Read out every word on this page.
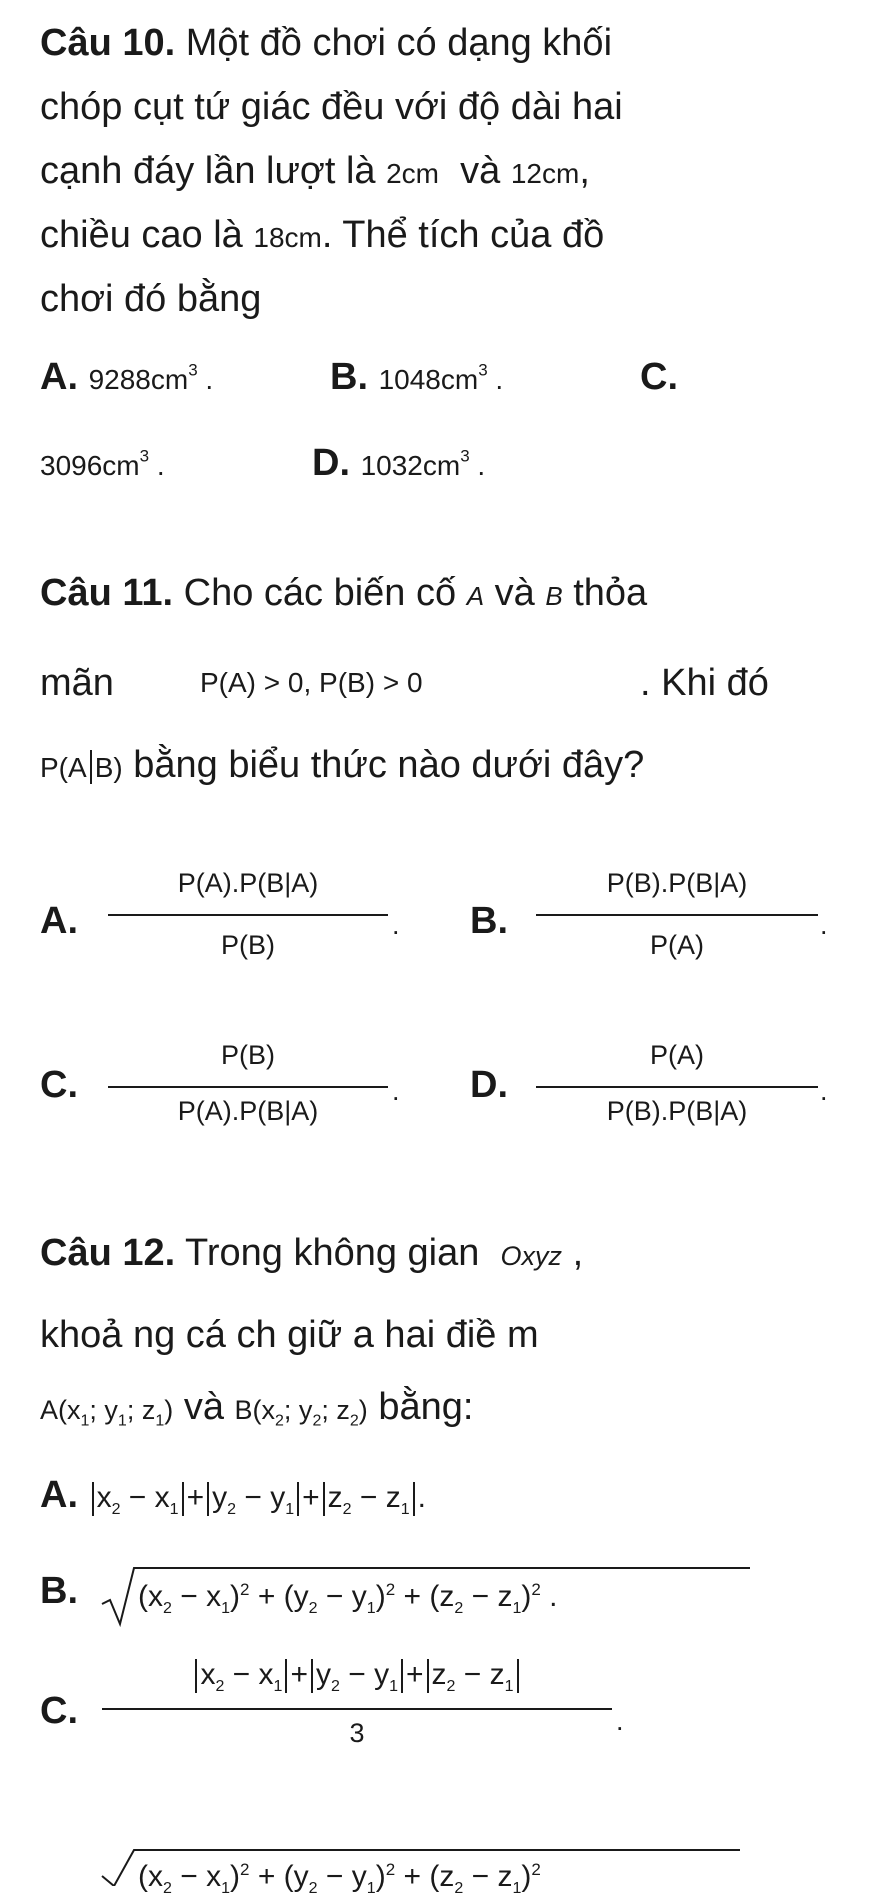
Câu 10. Một đồ chơi có dạng khối
chóp cụt tứ giác đều với độ dài hai
cạnh đáy lần lượt là 2cm và 12cm,
chiều cao là 18cm. Thể tích của đồ
chơi đó bằng
A. $9288cm^3$ .	B. $1048cm^3$ .	C.
$3096cm^3$ .	D. $1032cm^3$ .
Câu 11. Cho các biến cố A và B thỏa
mãn	P(A) > 0, P(B) > 0	. Khi đó
P(A B) bằng biểu thức nào dưới đây?
A.
P(A).P(B|A)
P(B)
. B.
P(B).P(B|A)
P(A)
.
C.
P(B)
P(A).P(B|A)
. D.
P(A)
P(B).P(B|A)
.
Câu 12. Trong không gian Oxyz ,
khoả ng cá ch giữ a hai điề m
$A(x_1$; $y_1$; $z_1$) và $B(x_2$; $y_2$; $z_2$) bằng:
A. $x_2 - x_1 + y_2 - y_1 + z_2 - z_1$ .
B. $(x_2 - x_1)^2 + (y_2 - y_1)^2 + (z_2 - z_1)^2$ .
C.
$x_2 - x_1 + y_2 - y_1 + z_2 - z_1$
3	.
$(x_2 - x_1)^2 + (y_2 - y_1)^2 + (z_2 - z_1)^2$
